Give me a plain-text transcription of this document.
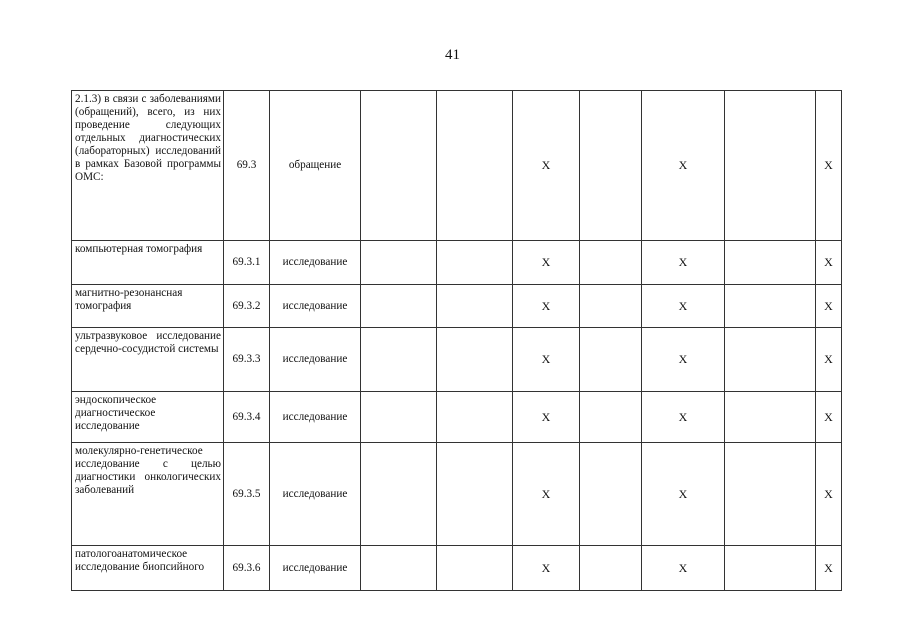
41
2.1.3) в связи с заболеваниями (обращений), всего, из них проведение следующих отдельных диагностических (лабораторных) исследований в рамках Базовой программы ОМС:	69.3	обращение			X		X		X

компьютерная томография	69.3.1	исследование			X		X		X

магнитно-резонансная томография	69.3.2	исследование			X		X		X

ультразвуковое исследование сердечно-сосудистой системы	69.3.3	исследование			X		X		X

эндоскопическое диагностическое исследование	69.3.4	исследование			X		X		X

молекулярно-генетическое исследование с целью диагностики онкологических заболеваний	69.3.5	исследование			X		X		X

патологоанатомическое исследование биопсийного	69.3.6	исследование			X		X		X
